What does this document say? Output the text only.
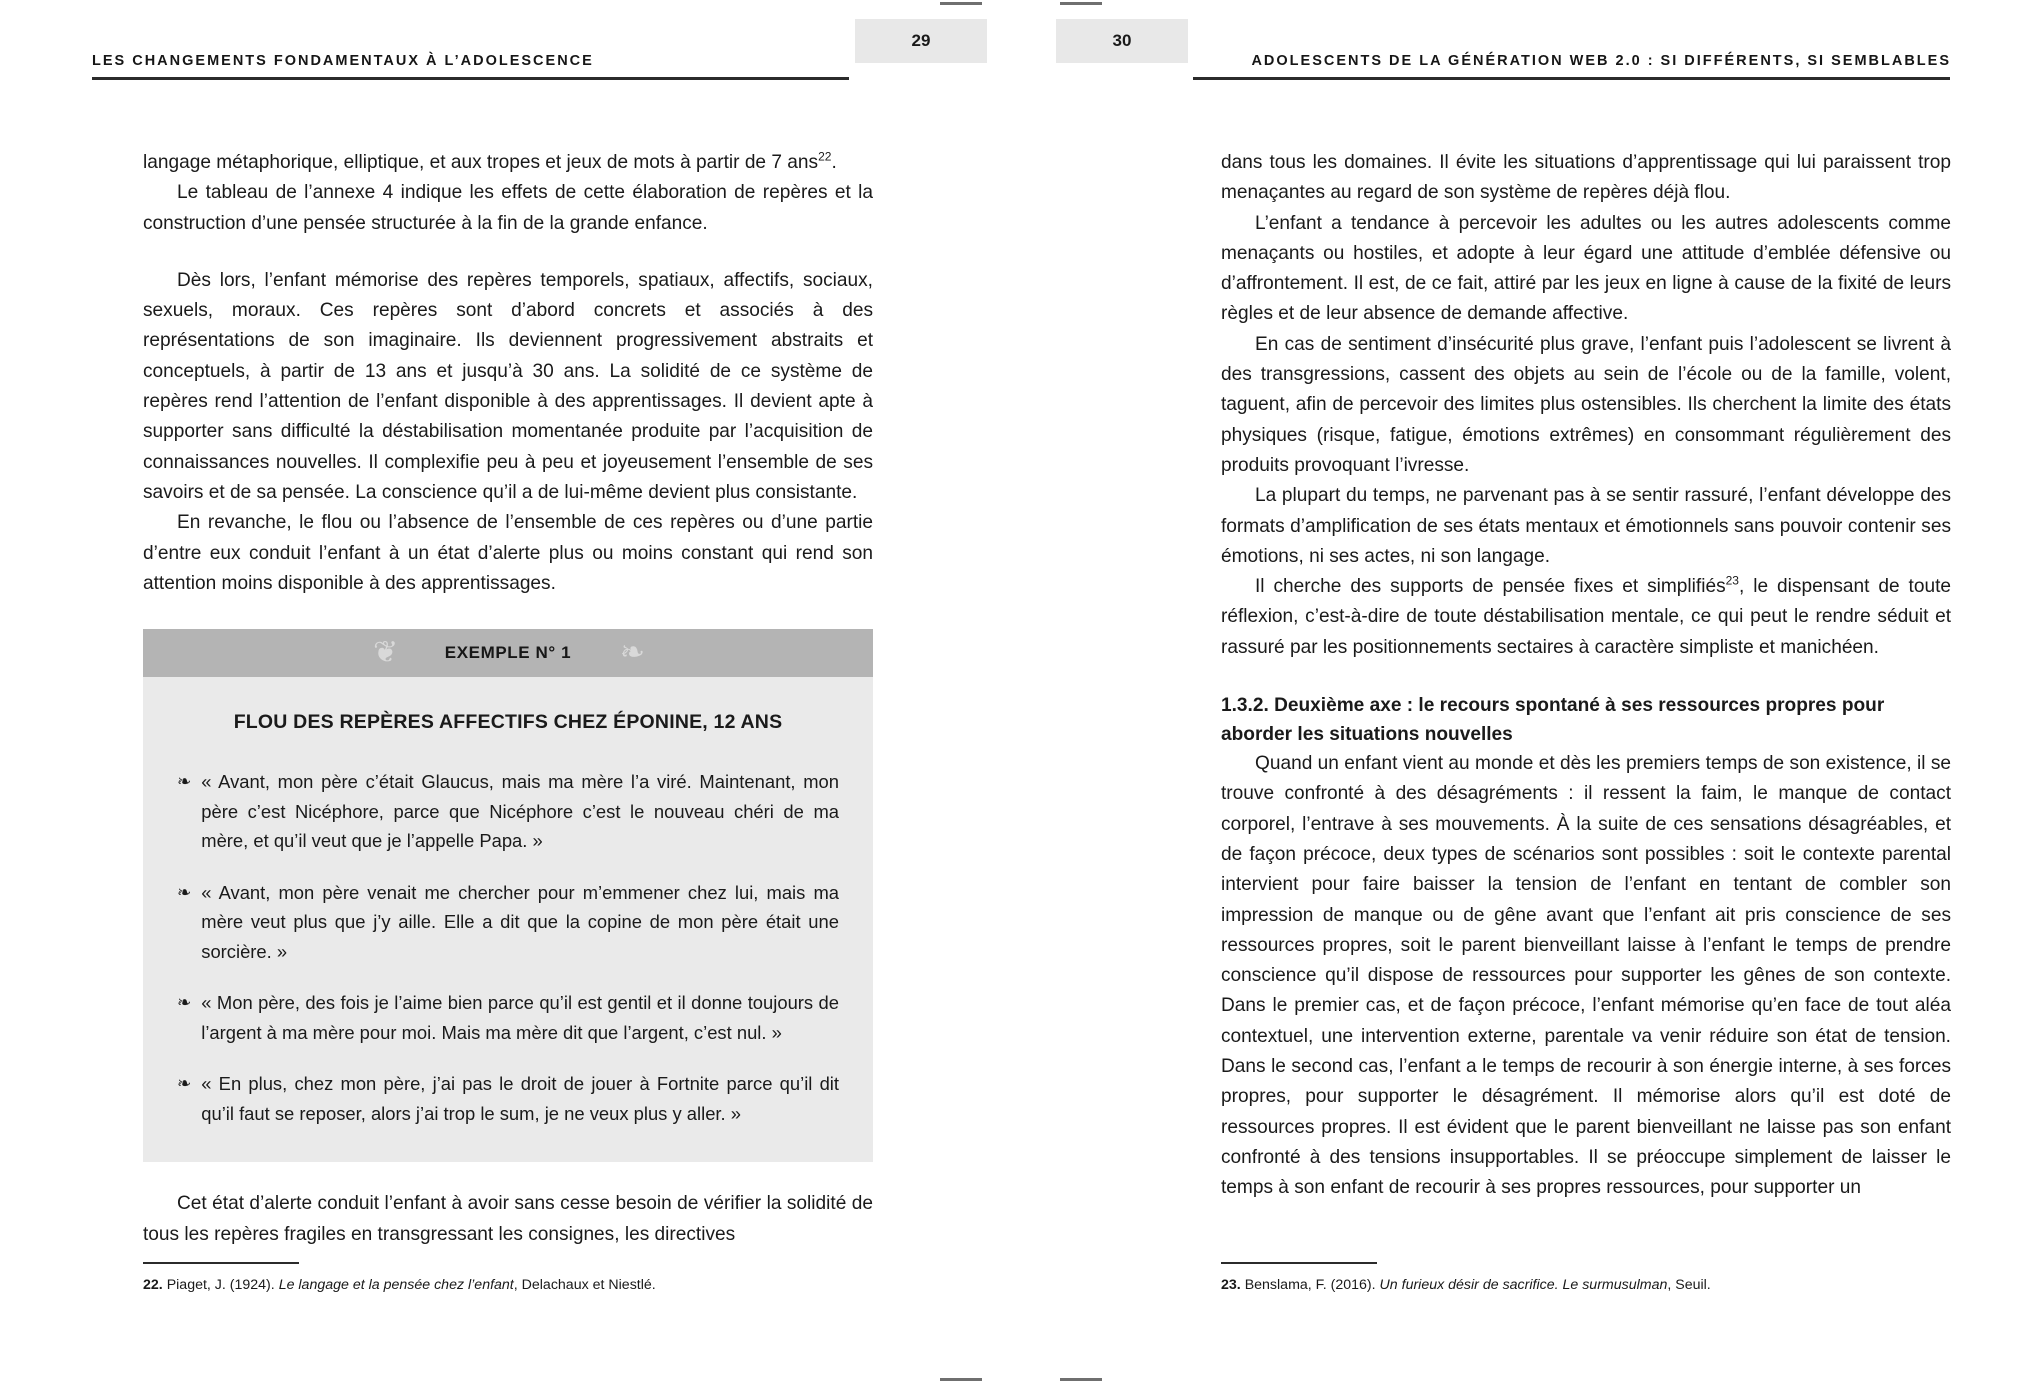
LES CHANGEMENTS FONDAMENTAUX À L’ADOLESCENCE
29

langage métaphorique, elliptique, et aux tropes et jeux de mots à partir de 7 ans$^{22}$.

Le tableau de l’annexe 4 indique les effets de cette élaboration de repères et la construction d’une pensée structurée à la fin de la grande enfance.

Dès lors, l’enfant mémorise des repères temporels, spatiaux, affectifs, sociaux, sexuels, moraux. Ces repères sont d’abord concrets et associés à des représentations de son imaginaire. Ils deviennent progressivement abstraits et conceptuels, à partir de 13 ans et jusqu’à 30 ans. La solidité de ce système de repères rend l’attention de l’enfant disponible à des apprentissages. Il devient apte à supporter sans difficulté la déstabilisation momentanée produite par l’acquisition de connaissances nouvelles. Il complexifie peu à peu et joyeusement l’ensemble de ses savoirs et de sa pensée. La conscience qu’il a de lui-même devient plus consistante.

En revanche, le flou ou l’absence de l’ensemble de ces repères ou d’une partie d’entre eux conduit l’enfant à un état d’alerte plus ou moins constant qui rend son attention moins disponible à des apprentissages.

❦	EXEMPLE N° 1	❧
FLOU DES REPÈRES AFFECTIFS CHEZ ÉPONINE, 12 ANS
❧ « Avant, mon père c’était Glaucus, mais ma mère l’a viré. Maintenant, mon père c’est Nicéphore, parce que Nicéphore c’est le nouveau chéri de ma mère, et qu’il veut que je l’appelle Papa. »
❧ « Avant, mon père venait me chercher pour m’emmener chez lui, mais ma mère veut plus que j’y aille. Elle a dit que la copine de mon père était une sorcière. »
❧ « Mon père, des fois je l’aime bien parce qu’il est gentil et il donne toujours de l’argent à ma mère pour moi. Mais ma mère dit que l’argent, c’est nul. »
❧ « En plus, chez mon père, j’ai pas le droit de jouer à Fortnite parce qu’il dit qu’il faut se reposer, alors j’ai trop le sum, je ne veux plus y aller. »

Cet état d’alerte conduit l’enfant à avoir sans cesse besoin de vérifier la solidité de tous les repères fragiles en transgressant les consignes, les directives

22. Piaget, J. (1924). Le langage et la pensée chez l’enfant, Delachaux et Niestlé.
ADOLESCENTS DE LA GÉNÉRATION WEB 2.0 : SI DIFFÉRENTS, SI SEMBLABLES
30

dans tous les domaines. Il évite les situations d’apprentissage qui lui paraissent trop menaçantes au regard de son système de repères déjà flou.

L’enfant a tendance à percevoir les adultes ou les autres adolescents comme menaçants ou hostiles, et adopte à leur égard une attitude d’emblée défensive ou d’affrontement. Il est, de ce fait, attiré par les jeux en ligne à cause de la fixité de leurs règles et de leur absence de demande affective.

En cas de sentiment d’insécurité plus grave, l’enfant puis l’adolescent se livrent à des transgressions, cassent des objets au sein de l’école ou de la famille, volent, taguent, afin de percevoir des limites plus ostensibles. Ils cherchent la limite des états physiques (risque, fatigue, émotions extrêmes) en consommant régulièrement des produits provoquant l’ivresse.

La plupart du temps, ne parvenant pas à se sentir rassuré, l’enfant développe des formats d’amplification de ses états mentaux et émotionnels sans pouvoir contenir ses émotions, ni ses actes, ni son langage.

Il cherche des supports de pensée fixes et simplifiés$^{23}$, le dispensant de toute réflexion, c’est-à-dire de toute déstabilisation mentale, ce qui peut le rendre séduit et rassuré par les positionnements sectaires à caractère simpliste et manichéen.

1.3.2. Deuxième axe : le recours spontané à ses ressources propres pour aborder les situations nouvelles

Quand un enfant vient au monde et dès les premiers temps de son existence, il se trouve confronté à des désagréments : il ressent la faim, le manque de contact corporel, l’entrave à ses mouvements. À la suite de ces sensations désagréables, et de façon précoce, deux types de scénarios sont possibles : soit le contexte parental intervient pour faire baisser la tension de l’enfant en tentant de combler son impression de manque ou de gêne avant que l’enfant ait pris conscience de ses ressources propres, soit le parent bienveillant laisse à l’enfant le temps de prendre conscience qu’il dispose de ressources pour supporter les gênes de son contexte. Dans le premier cas, et de façon précoce, l’enfant mémorise qu’en face de tout aléa contextuel, une intervention externe, parentale va venir réduire son état de tension. Dans le second cas, l’enfant a le temps de recourir à son énergie interne, à ses forces propres, pour supporter le désagrément. Il mémorise alors qu’il est doté de ressources propres. Il est évident que le parent bienveillant ne laisse pas son enfant confronté à des tensions insupportables. Il se préoccupe simplement de laisser le temps à son enfant de recourir à ses propres ressources, pour supporter un

23. Benslama, F. (2016). Un furieux désir de sacrifice. Le surmusulman, Seuil.
